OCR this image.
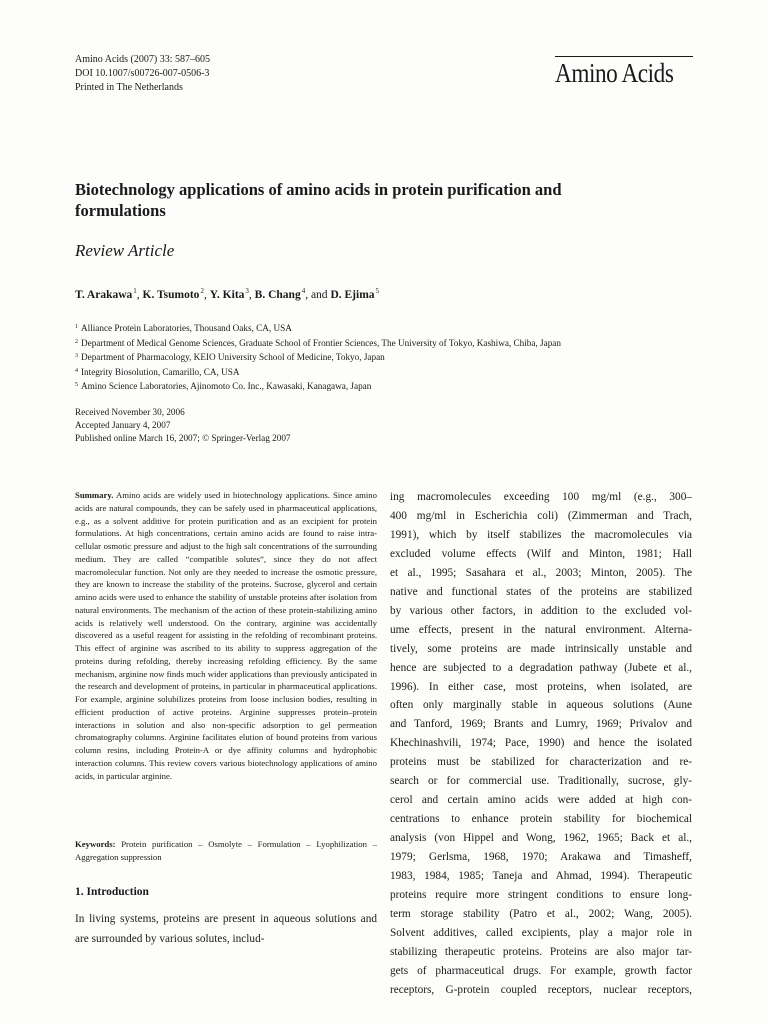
Amino Acids (2007) 33: 587–605
DOI 10.1007/s00726-007-0506-3
Printed in The Netherlands	Amino Acids
Biotechnology applications of amino acids in protein purification and formulations
Review Article
T. Arakawa$^1$, K. Tsumoto$^2$, Y. Kita$^3$, B. Chang$^4$, and D. Ejima$^5$
$^1$ Alliance Protein Laboratories, Thousand Oaks, CA, USA
$^2$ Department of Medical Genome Sciences, Graduate School of Frontier Sciences, The University of Tokyo, Kashiwa, Chiba, Japan
$^3$ Department of Pharmacology, KEIO University School of Medicine, Tokyo, Japan
$^4$ Integrity Biosolution, Camarillo, CA, USA
$^5$ Amino Science Laboratories, Ajinomoto Co. Inc., Kawasaki, Kanagawa, Japan
Received November 30, 2006
Accepted January 4, 2007
Published online March 16, 2007; © Springer-Verlag 2007
Summary. Amino acids are widely used in biotechnology applications. Since amino acids are natural compounds, they can be safely used in pharmaceutical applications, e.g., as a solvent additive for protein purification and as an excipient for protein formulations. At high concentrations, certain amino acids are found to raise intra-cellular osmotic pressure and adjust to the high salt concentrations of the surrounding medium. They are called “compatible solutes”, since they do not affect macromolecular function. Not only are they needed to increase the osmotic pressure, they are known to increase the stability of the proteins. Sucrose, glycerol and certain amino acids were used to enhance the stability of unstable proteins after isolation from natural environments. The mechanism of the action of these protein-stabilizing amino acids is relatively well understood. On the contrary, arginine was accidentally discovered as a useful reagent for assisting in the refolding of recombinant proteins. This effect of arginine was ascribed to its ability to suppress aggregation of the proteins during refolding, thereby increasing refolding efficiency. By the same mechanism, arginine now finds much wider applications than previously anticipated in the research and development of proteins, in particular in pharmaceutical applications. For example, arginine solubilizes proteins from loose inclusion bodies, resulting in efficient production of active proteins. Arginine suppresses protein–protein interactions in solution and also non-specific adsorption to gel permeation chromatography columns. Arginine facilitates elution of bound proteins from various column resins, including Protein-A or dye affinity columns and hydrophobic interaction columns. This review covers various biotechnology applications of amino acids, in particular arginine.
Keywords: Protein purification – Osmolyte – Formulation – Lyophilization – Aggregation suppression
1. Introduction
In living systems, proteins are present in aqueous solutions and are surrounded by various solutes, includ-
ing macromolecules exceeding 100 mg/ml (e.g., 300–
400 mg/ml in Escherichia coli) (Zimmerman and Trach,
1991), which by itself stabilizes the macromolecules via
excluded volume effects (Wilf and Minton, 1981; Hall
et al., 1995; Sasahara et al., 2003; Minton, 2005). The
native and functional states of the proteins are stabilized
by various other factors, in addition to the excluded vol-
ume effects, present in the natural environment. Alterna-
tively, some proteins are made intrinsically unstable and
hence are subjected to a degradation pathway (Jubete et al.,
1996). In either case, most proteins, when isolated, are
often only marginally stable in aqueous solutions (Aune
and Tanford, 1969; Brants and Lumry, 1969; Privalov and
Khechinashvili, 1974; Pace, 1990) and hence the isolated
proteins must be stabilized for characterization and re-
search or for commercial use. Traditionally, sucrose, gly-
cerol and certain amino acids were added at high con-
centrations to enhance protein stability for biochemical
analysis (von Hippel and Wong, 1962, 1965; Back et al.,
1979; Gerlsma, 1968, 1970; Arakawa and Timasheff,
1983, 1984, 1985; Taneja and Ahmad, 1994). Therapeutic
proteins require more stringent conditions to ensure long-
term storage stability (Patro et al., 2002; Wang, 2005).
Solvent additives, called excipients, play a major role in
stabilizing therapeutic proteins. Proteins are also major tar-
gets of pharmaceutical drugs. For example, growth factor
receptors, G-protein coupled receptors, nuclear receptors,
